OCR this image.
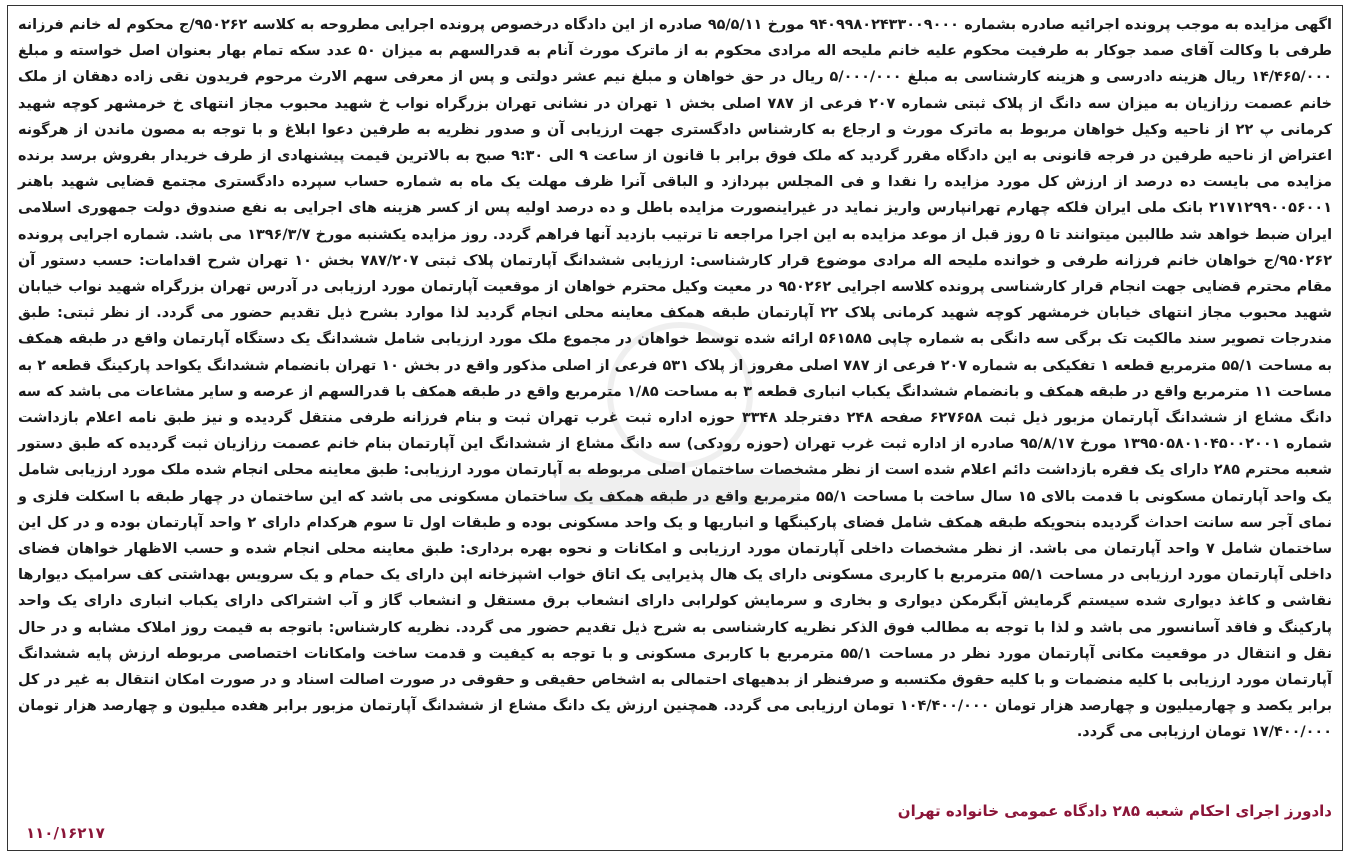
اگهی مزایده به موجب پرونده اجرائیه صادره بشماره ۹۴۰۹۹۸۰۲۴۳۳۰۰۹۰۰۰ مورخ ۹۵/۵/۱۱ صادره از این دادگاه درخصوص پرونده اجرایی مطروحه به کلاسه ۹۵۰۲۶۲/ج محکوم له خانم فرزانه طرفی با وکالت آقای صمد جوکار به طرفیت محکوم علیه خانم ملیحه اله مرادی محکوم به از ماترک مورث آنام به قدرالسهم به میزان ۵۰ عدد سکه تمام بهار بعنوان اصل خواسته و مبلغ ۱۴/۴۶۵/۰۰۰ ریال هزینه دادرسی و هزینه کارشناسی به مبلغ ۵/۰۰۰/۰۰۰ ریال در حق خواهان و مبلغ نیم عشر دولتی و پس از معرفی سهم الارث مرحوم فریدون نقی زاده دهقان از ملک خانم عصمت رزازیان به میزان سه دانگ از پلاک ثبتی شماره ۲۰۷ فرعی از ۷۸۷ اصلی بخش ۱ تهران در نشانی تهران بزرگراه نواب خ شهید محبوب مجاز انتهای خ خرمشهر کوچه شهید کرمانی پ ۲۲ از ناحیه وکیل خواهان مربوط به ماترک مورث و ارجاع به کارشناس دادگستری جهت ارزیابی آن و صدور نظریه به طرفین دعوا ابلاغ و با توجه به مصون ماندن از هرگونه اعتراض از ناحیه طرفین در فرجه قانونی به این دادگاه مقرر گردید که ملک فوق برابر با قانون از ساعت ۹ الی ۹:۳۰ صبح به بالاترین قیمت پیشنهادی از طرف خریدار بفروش برسد برنده مزایده می بایست ده درصد از ارزش کل مورد مزایده را نقدا و فی المجلس بپردازد و الباقی آنرا ظرف مهلت یک ماه به شماره حساب سپرده دادگستری مجتمع قضایی شهید باهنر ۲۱۷۱۲۹۹۰۰۵۶۰۰۱ بانک ملی ایران فلکه چهارم تهرانپارس واریز نماید در غیراینصورت مزایده باطل و ده درصد اولیه پس از کسر هزینه های اجرایی به نفع صندوق دولت جمهوری اسلامی ایران ضبط خواهد شد طالبین میتوانند تا ۵ روز قبل از موعد مزایده به این اجرا مراجعه تا ترتیب بازدید آنها فراهم گردد. روز مزایده یکشنبه مورخ ۱۳۹۶/۳/۷ می باشد. شماره اجرایی پرونده ۹۵۰۲۶۲/ج خواهان خانم فرزانه طرفی و خوانده ملیحه اله مرادی موضوع قرار کارشناسی: ارزیابی ششدانگ آپارتمان پلاک ثبتی ۷۸۷/۲۰۷ بخش ۱۰ تهران شرح اقدامات: حسب دستور آن مقام محترم قضایی جهت انجام قرار کارشناسی پرونده کلاسه اجرایی ۹۵۰۲۶۲ در معیت وکیل محترم خواهان از موقعیت آپارتمان مورد ارزیابی در آدرس تهران بزرگراه شهید نواب خیابان شهید محبوب مجاز انتهای خیابان خرمشهر کوچه شهید کرمانی پلاک ۲۲ آپارتمان طبقه همکف معاینه محلی انجام گردید لذا موارد بشرح ذیل تقدیم حضور می گردد. از نظر ثبتی: طبق مندرجات تصویر سند مالکیت تک برگی سه دانگی به شماره چاپی ۵۶۱۵۸۵ ارائه شده توسط خواهان در مجموع ملک مورد ارزیابی شامل ششدانگ یک دستگاه آپارتمان واقع در طبقه همکف به مساحت ۵۵/۱ مترمربع قطعه ۱ تفکیکی به شماره ۲۰۷ فرعی از ۷۸۷ اصلی مفروز از پلاک ۵۳۱ فرعی از اصلی مذکور واقع در بخش ۱۰ تهران بانضمام ششدانگ یکواحد پارکینگ قطعه ۲ به مساحت ۱۱ مترمربع واقع در طبقه همکف و بانضمام ششدانگ یکباب انباری قطعه ۳ به مساحت ۱/۸۵ مترمربع واقع در طبقه همکف با قدرالسهم از عرصه و سایر مشاعات می باشد که سه دانگ مشاع از ششدانگ آپارتمان مزبور ذیل ثبت ۶۲۷۶۵۸ صفحه ۲۴۸ دفترجلد ۳۳۴۸ حوزه اداره ثبت غرب تهران ثبت و بنام فرزانه طرفی منتقل گردیده و نیز طبق نامه اعلام بازداشت شماره ۱۳۹۵۰۵۸۰۱۰۴۵۰۰۲۰۰۱ مورخ ۹۵/۸/۱۷ صادره از اداره ثبت غرب تهران (حوزه رودکی) سه دانگ مشاع از ششدانگ این آپارتمان بنام خانم عصمت رزازیان ثبت گردیده که طبق دستور شعبه محترم ۲۸۵ دارای یک فقره بازداشت دائم اعلام شده است از نظر مشخصات ساختمان اصلی مربوطه به آپارتمان مورد ارزیابی: طبق معاینه محلی انجام شده ملک مورد ارزیابی شامل یک واحد آپارتمان مسکونی با قدمت بالای ۱۵ سال ساخت با مساحت ۵۵/۱ مترمربع واقع در طبقه همکف یک ساختمان مسکونی می باشد که این ساختمان در چهار طبقه با اسکلت فلزی و نمای آجر سه سانت احداث گردیده بنحویکه طبقه همکف شامل فضای پارکینگها و انباریها و یک واحد مسکونی بوده و طبقات اول تا سوم هرکدام دارای ۲ واحد آپارتمان بوده و در کل این ساختمان شامل ۷ واحد آپارتمان می باشد. از نظر مشخصات داخلی آپارتمان مورد ارزیابی و امکانات و نحوه بهره برداری: طبق معاینه محلی انجام شده و حسب الاظهار خواهان فضای داخلی آپارتمان مورد ارزیابی در مساحت ۵۵/۱ مترمربع با کاربری مسکونی دارای یک هال پذیرایی یک اتاق خواب اشپزخانه اپن دارای یک حمام و یک سرویس بهداشتی کف سرامیک دیوارها نقاشی و کاغذ دیواری شده سیستم گرمایش آبگرمکن دیواری و بخاری و سرمایش کولرابی دارای انشعاب برق مستقل و انشعاب گاز و آب اشتراکی دارای یکباب انباری دارای یک واحد پارکینگ و فاقد آسانسور می باشد و لذا با توجه به مطالب فوق الذکر نظریه کارشناسی به شرح ذیل تقدیم حضور می گردد. نظریه کارشناس: باتوجه به قیمت روز املاک مشابه و در حال نقل و انتقال در موقعیت مکانی آپارتمان مورد نظر در مساحت ۵۵/۱ مترمربع با کاربری مسکونی و با توجه به کیفیت و قدمت ساخت وامکانات اختصاصی مربوطه ارزش پایه ششدانگ آپارتمان مورد ارزیابی با کلیه منضمات و با کلیه حقوق مکتسبه و صرفنظر از بدهیهای احتمالی به اشخاص حقیقی و حقوقی در صورت اصالت اسناد و در صورت امکان انتقال به غیر در کل برابر یکصد و چهارمیلیون و چهارصد هزار تومان ۱۰۴/۴۰۰/۰۰۰ تومان ارزیابی می گردد. همچنین ارزش یک دانگ مشاع از ششدانگ آپارتمان مزبور برابر هفده میلیون و چهارصد هزار تومان ۱۷/۴۰۰/۰۰۰ تومان ارزیابی می گردد.

دادورز اجرای احکام شعبه ۲۸۵ دادگاه عمومی خانواده تهران
۱۱۰/۱۶۲۱۷
